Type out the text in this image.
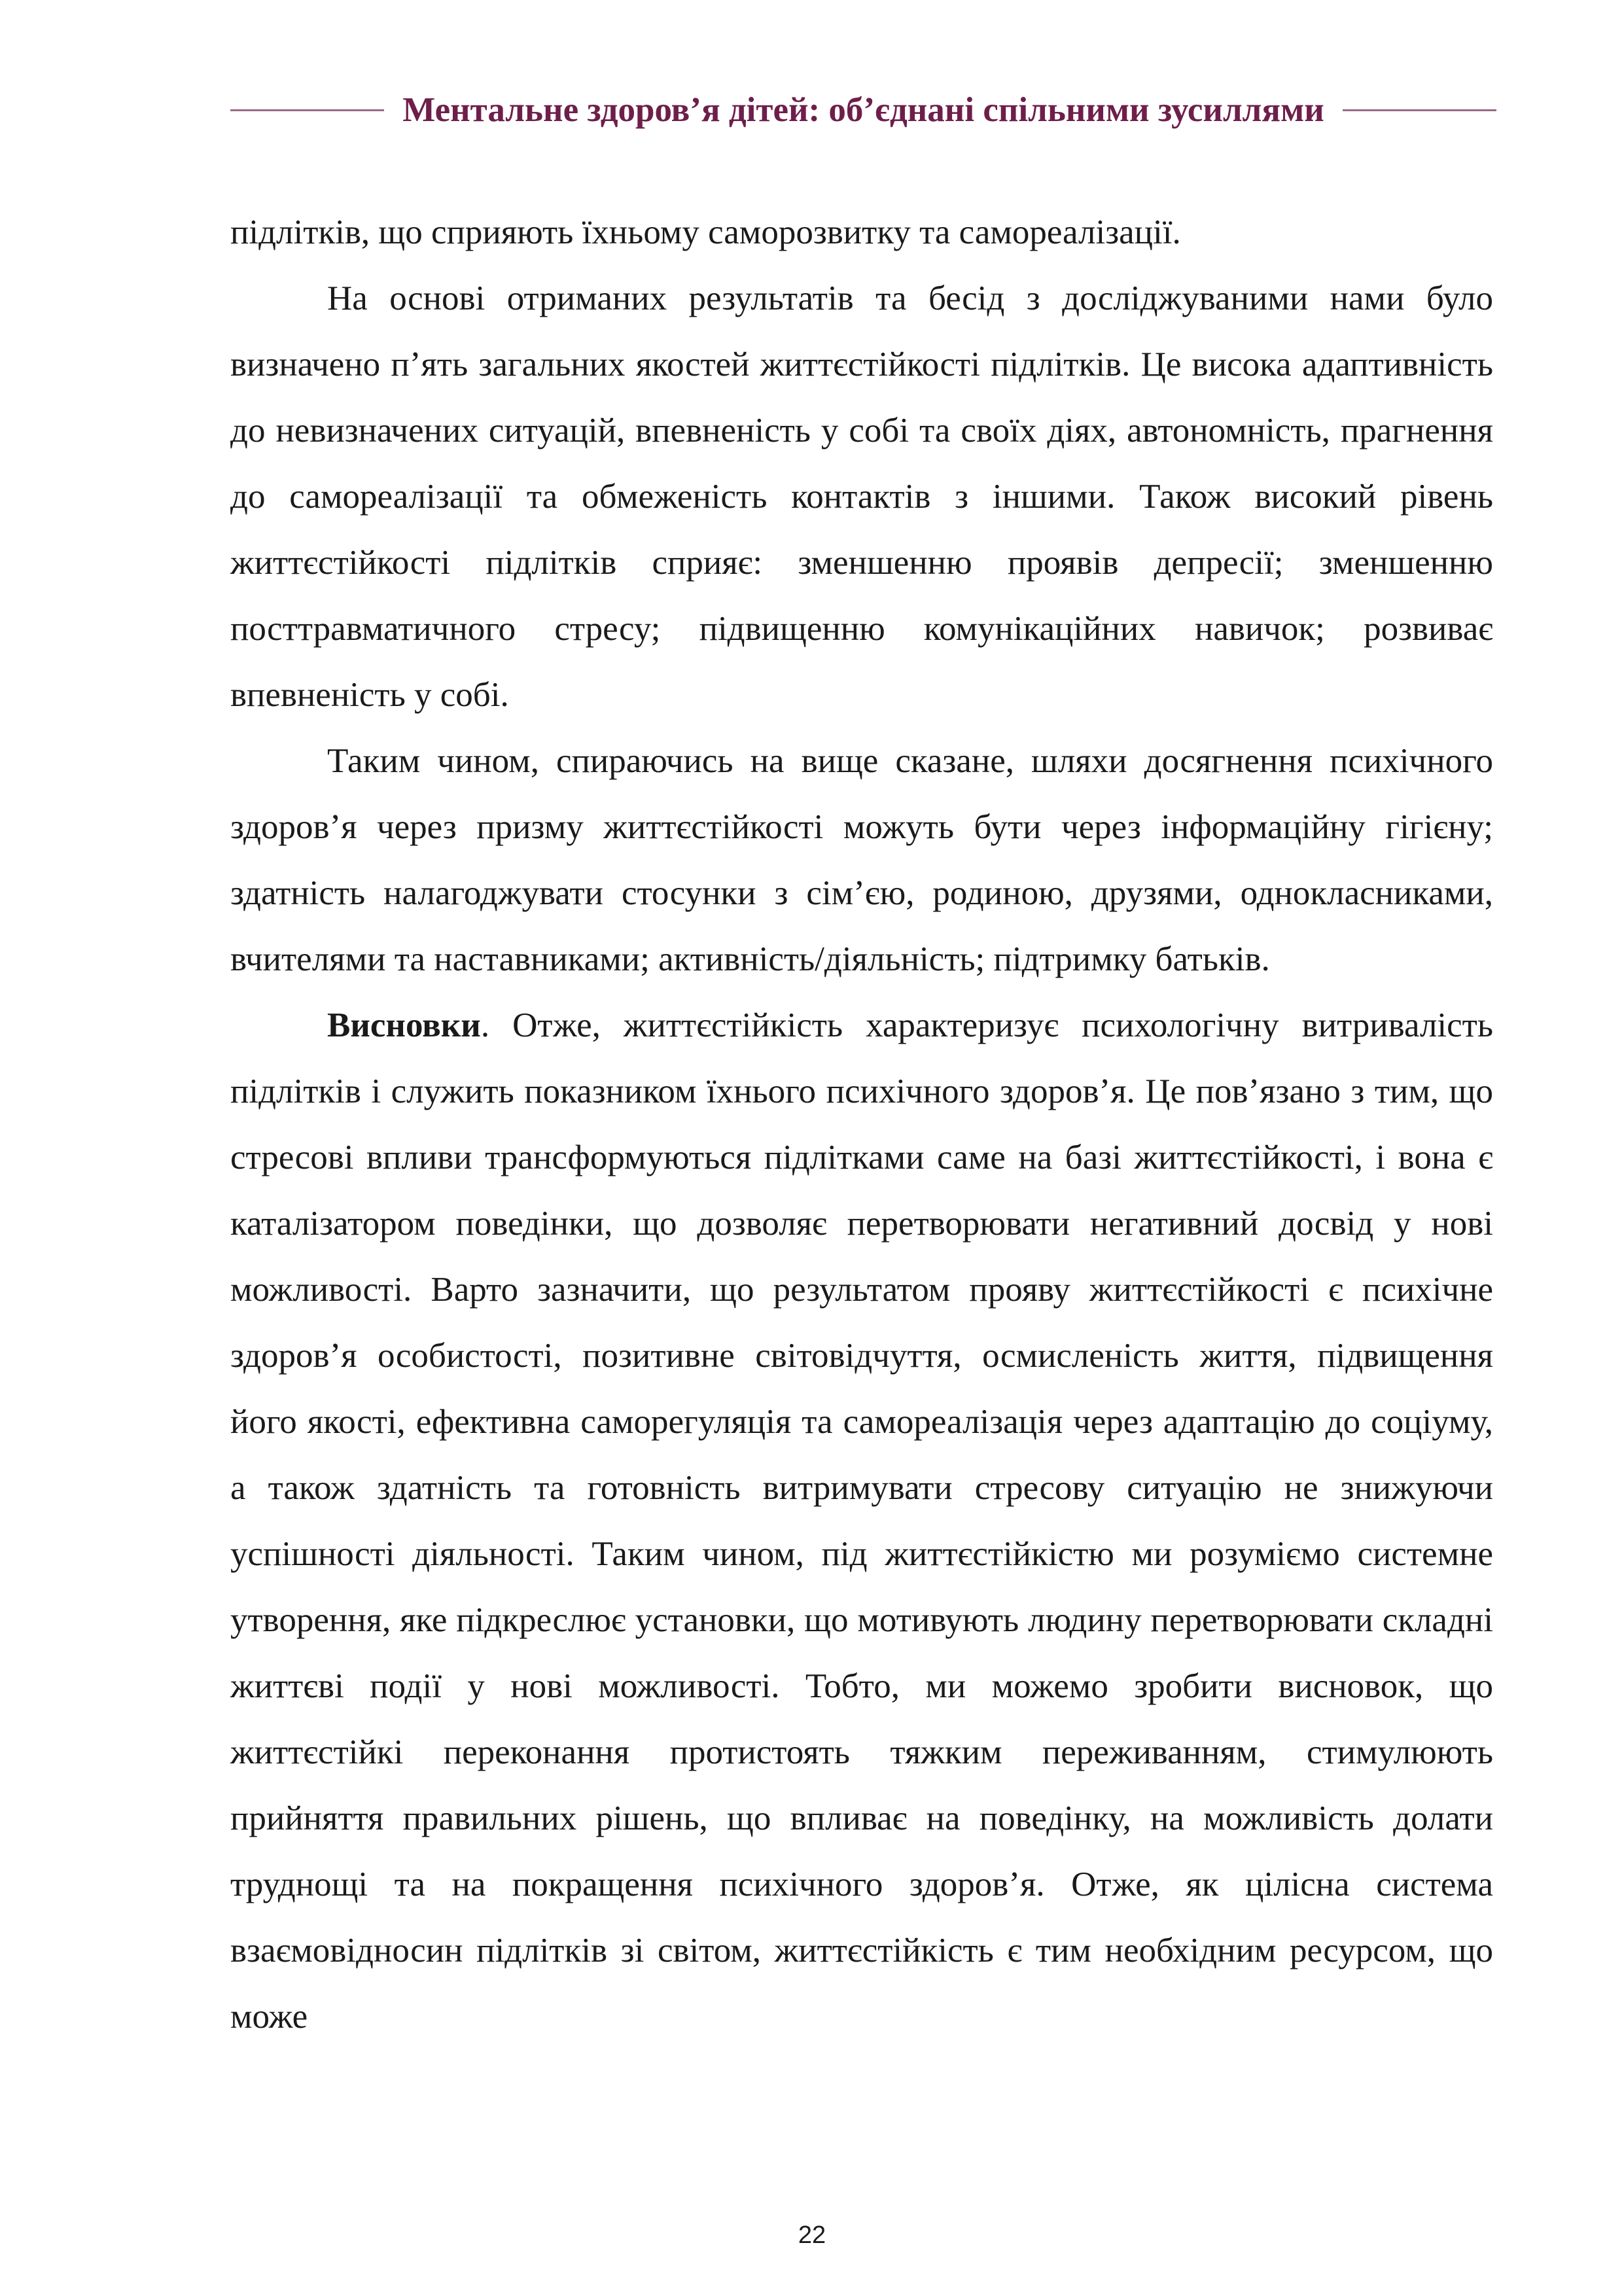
Ментальне здоров’я дітей: об’єднані спільними зусиллями

підлітків, що сприяють їхньому саморозвитку та самореалізації.

На основі отриманих результатів та бесід з досліджуваними нами було визначено п’ять загальних якостей життєстійкості підлітків. Це висока адаптивність до невизначених ситуацій, впевненість у собі та своїх діях, автономність, прагнення до самореалізації та обмеженість контактів з іншими. Також високий рівень життєстійкості підлітків сприяє: зменшенню проявів депресії; зменшенню посттравматичного стресу; підвищенню комунікаційних навичок; розвиває впевненість у собі.

Таким чином, спираючись на вище сказане, шляхи досягнення психічного здоров’я через призму життєстійкості можуть бути через інформаційну гігієну; здатність налагоджувати стосунки з сім’єю, родиною, друзями, однокласниками, вчителями та наставниками; активність/діяльність; підтримку батьків.

Висновки. Отже, життєстійкість характеризує психологічну витривалість підлітків і служить показником їхнього психічного здоров’я. Це пов’язано з тим, що стресові впливи трансформуються підлітками саме на базі життєстійкості, і вона є каталізатором поведінки, що дозволяє перетворювати негативний досвід у нові можливості. Варто зазначити, що результатом прояву життєстійкості є психічне здоров’я особистості, позитивне світовідчуття, осмисленість життя, підвищення його якості, ефективна саморегуляція та самореалізація через адаптацію до соціуму, а також здатність та готовність витримувати стресову ситуацію не знижуючи успішності діяльності. Таким чином, під життєстійкістю ми розуміємо системне утворення, яке підкреслює установки, що мотивують людину перетворювати складні життєві події у нові можливості. Тобто, ми можемо зробити висновок, що життєстійкі переконання протистоять тяжким переживанням, стимулюють прийняття правильних рішень, що впливає на поведінку, на можливість долати труднощі та на покращення психічного здоров’я. Отже, як цілісна система взаємовідносин підлітків зі світом, життєстійкість є тим необхідним ресурсом, що може

22
